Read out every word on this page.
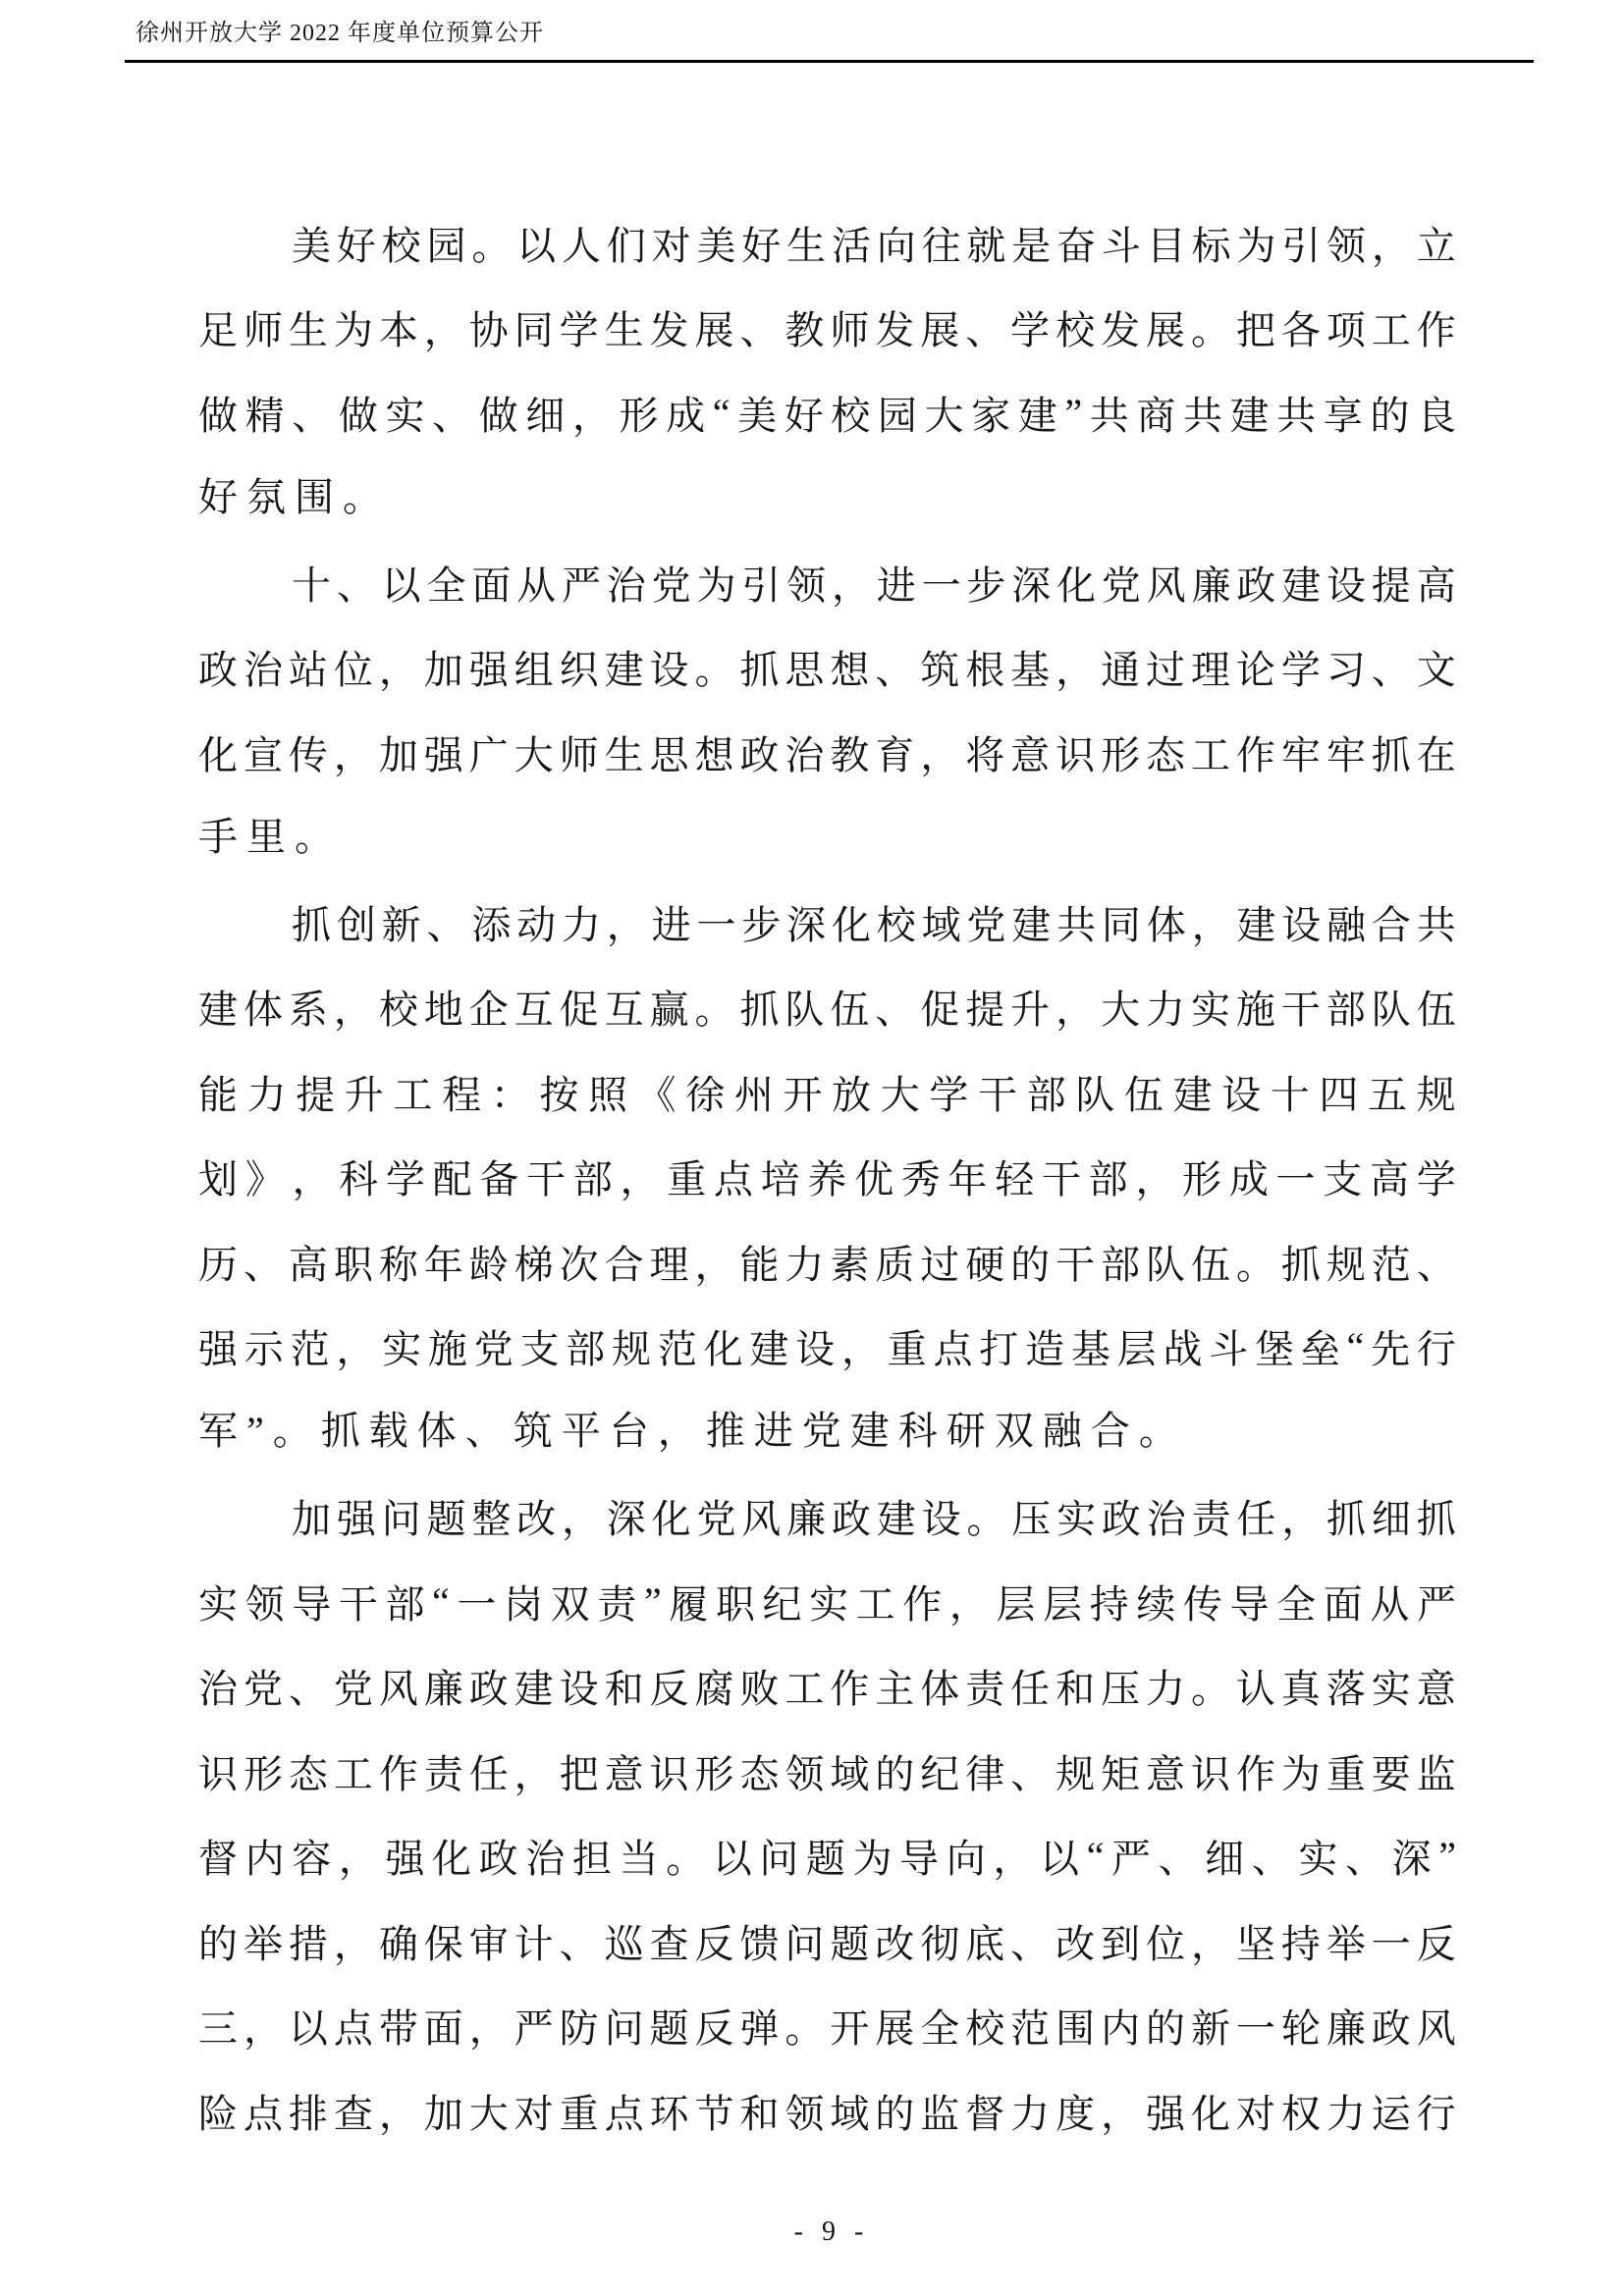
徐州开放大学 2022 年度单位预算公开
美 好 校 园 。 以 人 们 对 美 好 生 活 向 往 就 是 奋 斗 目 标 为 引 领 ， 立
足 师 生 为 本 ， 协 同 学 生 发 展 、 教 师 发 展 、 学 校 发 展 。 把 各 项 工 作
做 精 、 做 实 、 做 细 ， 形 成 “ 美 好 校 园 大 家 建 ” 共 商 共 建 共 享 的 良
好氛围。
十 、 以 全 面 从 严 治 党 为 引 领 ， 进 一 步 深 化 党 风 廉 政 建 设 提 高
政 治 站 位 ， 加 强 组 织 建 设 。 抓 思 想 、 筑 根 基 ， 通 过 理 论 学 习 、 文
化 宣 传 ， 加 强 广 大 师 生 思 想 政 治 教 育 ， 将 意 识 形 态 工 作 牢 牢 抓 在
手里。
抓 创 新 、 添 动 力 ， 进 一 步 深 化 校 域 党 建 共 同 体 ， 建 设 融 合 共
建 体 系 ， 校 地 企 互 促 互 赢 。 抓 队 伍 、 促 提 升 ， 大 力 实 施 干 部 队 伍
能 力 提 升 工 程 ： 按 照 《 徐 州 开 放 大 学 干 部 队 伍 建 设 十 四 五 规
划 》 ， 科 学 配 备 干 部 ， 重 点 培 养 优 秀 年 轻 干 部 ， 形 成 一 支 高 学
历 、 高 职 称 年 龄 梯 次 合 理 ， 能 力 素 质 过 硬 的 干 部 队 伍 。 抓 规 范 、
强 示 范 ， 实 施 党 支 部 规 范 化 建 设 ， 重 点 打 造 基 层 战 斗 堡 垒 “ 先 行
军”。抓载体、筑平台，推进党建科研双融合。
加 强 问 题 整 改 ， 深 化 党 风 廉 政 建 设 。 压 实 政 治 责 任 ， 抓 细 抓
实 领 导 干 部 “ 一 岗 双 责 ” 履 职 纪 实 工 作 ， 层 层 持 续 传 导 全 面 从 严
治 党 、 党 风 廉 政 建 设 和 反 腐 败 工 作 主 体 责 任 和 压 力 。 认 真 落 实 意
识 形 态 工 作 责 任 ， 把 意 识 形 态 领 域 的 纪 律 、 规 矩 意 识 作 为 重 要 监
督 内 容 ， 强 化 政 治 担 当 。 以 问 题 为 导 向 ， 以 “ 严 、 细 、 实 、 深 ”
的 举 措 ， 确 保 审 计 、 巡 查 反 馈 问 题 改 彻 底 、 改 到 位 ， 坚 持 举 一 反
三 ， 以 点 带 面 ， 严 防 问 题 反 弹 。 开 展 全 校 范 围 内 的 新 一 轮 廉 政 风
险 点 排 查 ， 加 大 对 重 点 环 节 和 领 域 的 监 督 力 度 ， 强 化 对 权 力 运 行
- 9 -
